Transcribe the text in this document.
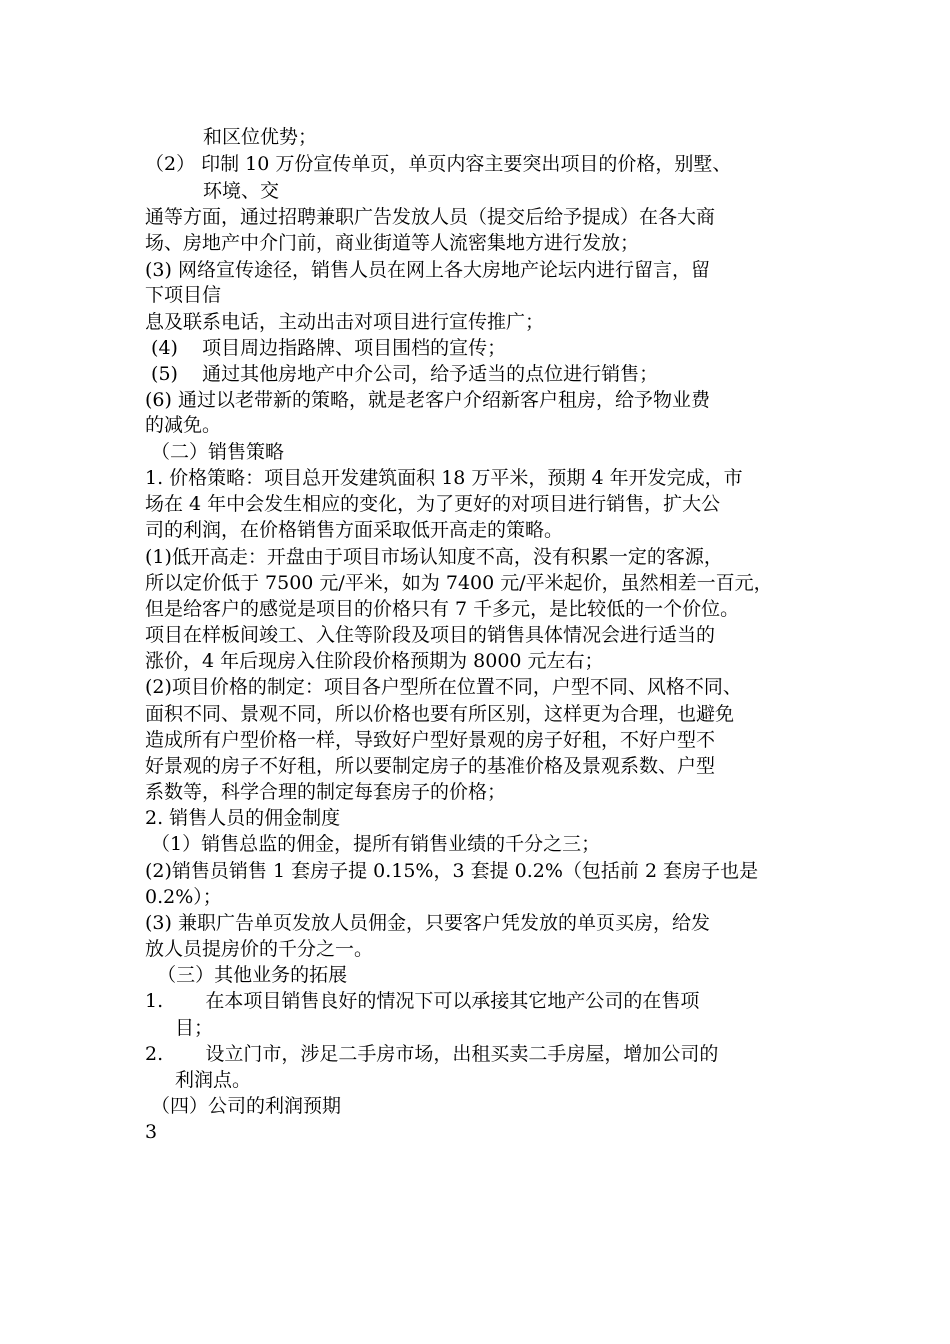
和区位优势；
（2） 印制 10 万份宣传单页，单页内容主要突出项目的价格，别墅、
环境、交
通等方面，通过招聘兼职广告发放人员（提交后给予提成）在各大商
场、房地产中介门前，商业街道等人流密集地方进行发放；
(3) 网络宣传途径，销售人员在网上各大房地产论坛内进行留言，留
下项目信
息及联系电话，主动出击对项目进行宣传推广；
(4)    项目周边指路牌、项目围档的宣传；
(5)    通过其他房地产中介公司，给予适当的点位进行销售；
(6) 通过以老带新的策略，就是老客户介绍新客户租房，给予物业费
的减免。
（二）销售策略
1. 价格策略：项目总开发建筑面积 18 万平米，预期 4 年开发完成，市
场在 4 年中会发生相应的变化，为了更好的对项目进行销售，扩大公
司的利润，在价格销售方面采取低开高走的策略。
(1)低开高走：开盘由于项目市场认知度不高，没有积累一定的客源，
所以定价低于 7500 元/平米，如为 7400 元/平米起价，虽然相差一百元，
但是给客户的感觉是项目的价格只有 7 千多元，是比较低的一个价位。
项目在样板间竣工、入住等阶段及项目的销售具体情况会进行适当的
涨价，4 年后现房入住阶段价格预期为 8000 元左右；
(2)项目价格的制定：项目各户型所在位置不同，户型不同、风格不同、
面积不同、景观不同，所以价格也要有所区别，这样更为合理，也避免
造成所有户型价格一样，导致好户型好景观的房子好租，不好户型不
好景观的房子不好租，所以要制定房子的基准价格及景观系数、户型
系数等，科学合理的制定每套房子的价格；
2. 销售人员的佣金制度
（1）销售总监的佣金，提所有销售业绩的千分之三；
(2)销售员销售 1 套房子提 0.15%，3 套提 0.2%（包括前 2 套房子也是
0.2%）；
(3) 兼职广告单页发放人员佣金，只要客户凭发放的单页买房，给发
放人员提房价的千分之一。
（三）其他业务的拓展
1.       在本项目销售良好的情况下可以承接其它地产公司的在售项
目；
2.       设立门市，涉足二手房市场，出租买卖二手房屋，增加公司的
利润点。
（四）公司的利润预期
3
